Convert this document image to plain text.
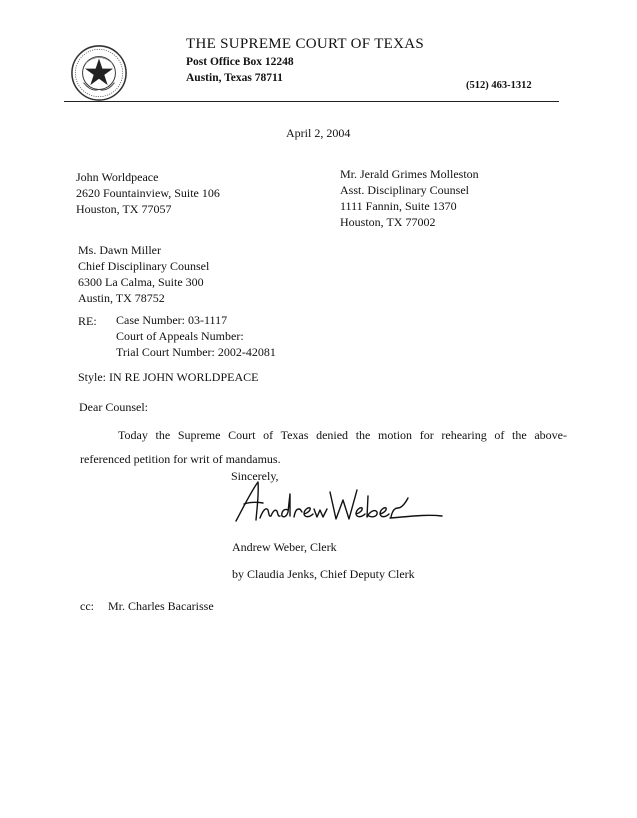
THE SUPREME COURT OF TEXAS
Post Office Box 12248
Austin, Texas 78711
(512) 463-1312
April 2, 2004
John Worldpeace
2620 Fountainview, Suite 106
Houston, TX 77057
Mr. Jerald Grimes Molleston
Asst. Disciplinary Counsel
1111 Fannin, Suite 1370
Houston, TX 77002
Ms. Dawn Miller
Chief Disciplinary Counsel
6300 La Calma, Suite 300
Austin, TX 78752
RE: Case Number: 03-1117
Court of Appeals Number:
Trial Court Number: 2002-42081
Style: IN RE JOHN WORLDPEACE
Dear Counsel:
Today the Supreme Court of Texas denied the motion for rehearing of the above-
referenced petition for writ of mandamus.
Sincerely,
Andrew Weber, Clerk
by Claudia Jenks, Chief Deputy Clerk
cc: Mr. Charles Bacarisse
